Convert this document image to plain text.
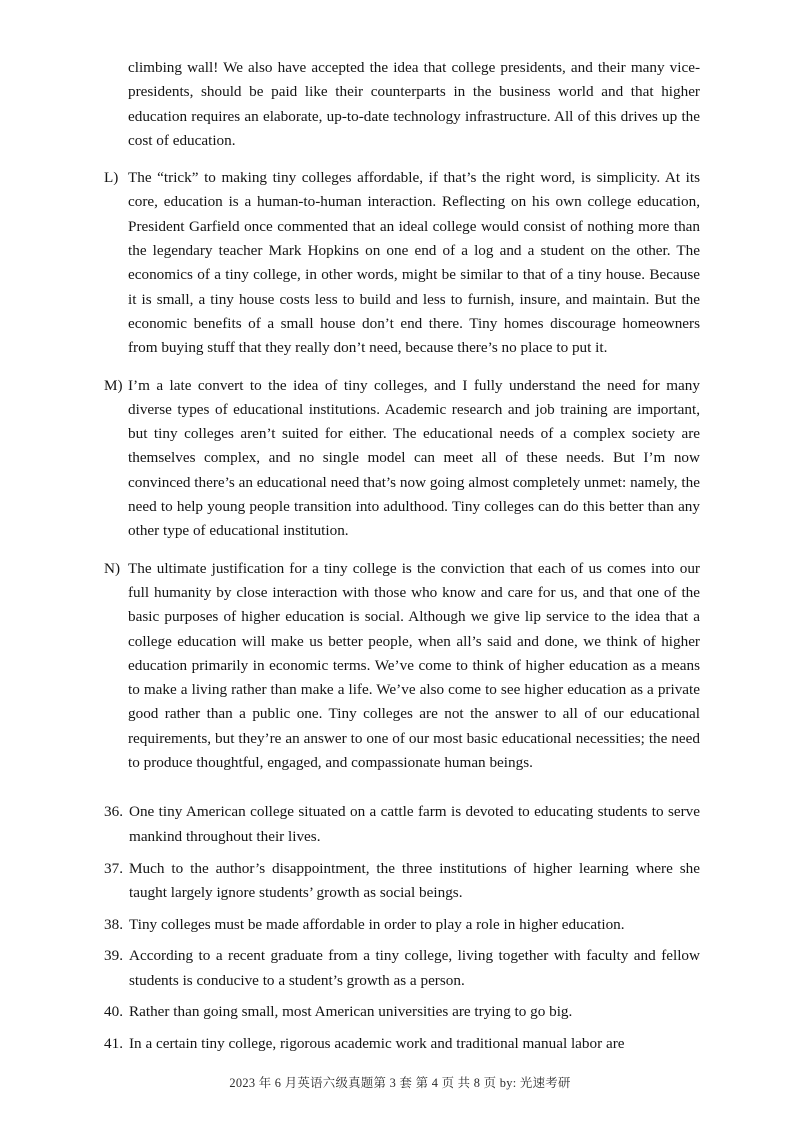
climbing wall! We also have accepted the idea that college presidents, and their many vice-presidents, should be paid like their counterparts in the business world and that higher education requires an elaborate, up-to-date technology infrastructure. All of this drives up the cost of education.
L) The “trick” to making tiny colleges affordable, if that’s the right word, is simplicity. At its core, education is a human-to-human interaction. Reflecting on his own college education, President Garfield once commented that an ideal college would consist of nothing more than the legendary teacher Mark Hopkins on one end of a log and a student on the other. The economics of a tiny college, in other words, might be similar to that of a tiny house. Because it is small, a tiny house costs less to build and less to furnish, insure, and maintain. But the economic benefits of a small house don’t end there. Tiny homes discourage homeowners from buying stuff that they really don’t need, because there’s no place to put it.
M) I’m a late convert to the idea of tiny colleges, and I fully understand the need for many diverse types of educational institutions. Academic research and job training are important, but tiny colleges aren’t suited for either. The educational needs of a complex society are themselves complex, and no single model can meet all of these needs. But I’m now convinced there’s an educational need that’s now going almost completely unmet: namely, the need to help young people transition into adulthood. Tiny colleges can do this better than any other type of educational institution.
N) The ultimate justification for a tiny college is the conviction that each of us comes into our full humanity by close interaction with those who know and care for us, and that one of the basic purposes of higher education is social. Although we give lip service to the idea that a college education will make us better people, when all’s said and done, we think of higher education primarily in economic terms. We’ve come to think of higher education as a means to make a living rather than make a life. We’ve also come to see higher education as a private good rather than a public one. Tiny colleges are not the answer to all of our educational requirements, but they’re an answer to one of our most basic educational necessities; the need to produce thoughtful, engaged, and compassionate human beings.
36. One tiny American college situated on a cattle farm is devoted to educating students to serve mankind throughout their lives.
37. Much to the author’s disappointment, the three institutions of higher learning where she taught largely ignore students’ growth as social beings.
38. Tiny colleges must be made affordable in order to play a role in higher education.
39. According to a recent graduate from a tiny college, living together with faculty and fellow students is conducive to a student’s growth as a person.
40. Rather than going small, most American universities are trying to go big.
41. In a certain tiny college, rigorous academic work and traditional manual labor are
2023 年 6 月英语六级真题第 3 套 第 4 页 共 8 页 by: 光速考研
